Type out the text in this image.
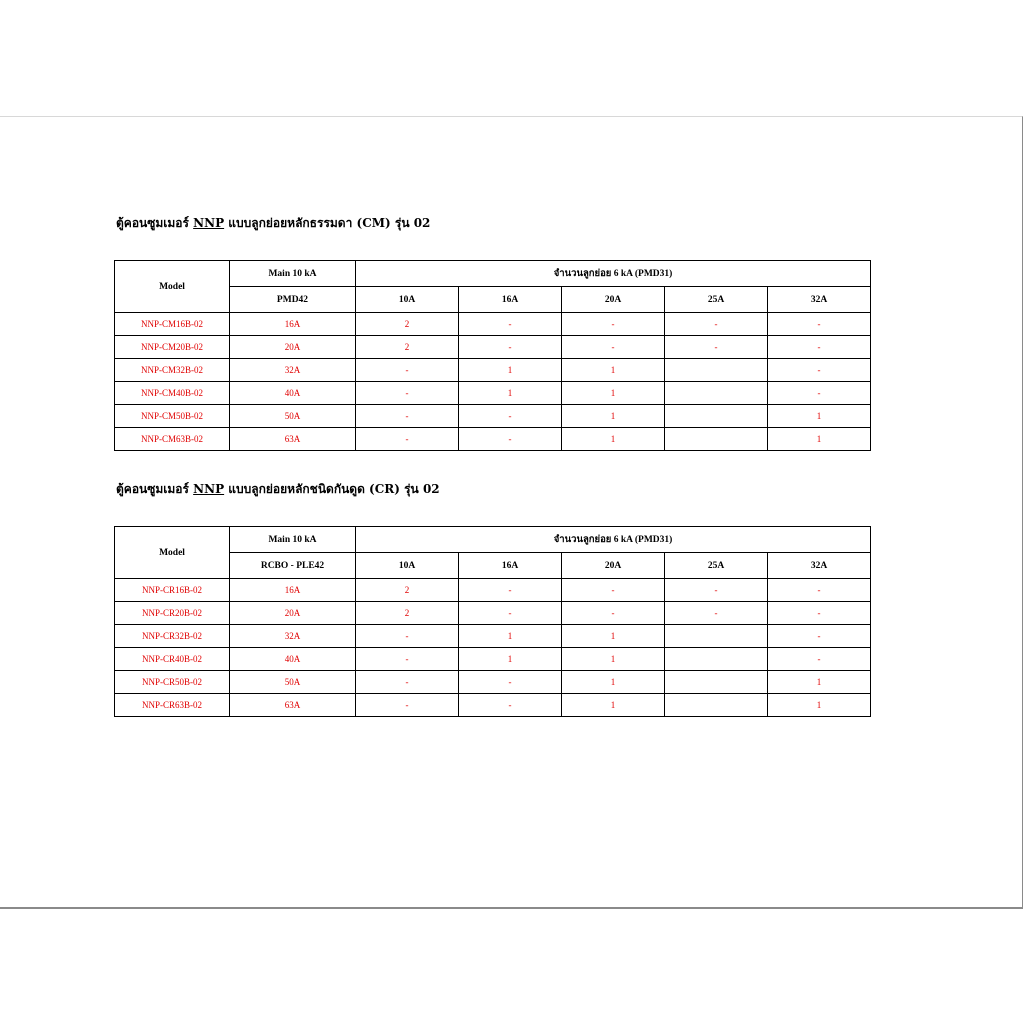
ตู้คอนซูมเมอร์ NNP แบบลูกย่อยหลักธรรมดา (CM) รุ่น 02
Model	Main 10 kA	จำนวนลูกย่อย 6 kA (PMD31)				
	PMD42	10A	16A	20A	25A	32A
NNP-CM16B-02	16A	2	-	-	-	-
NNP-CM20B-02	20A	2	-	-	-	-
NNP-CM32B-02	32A	-	1	1		-
NNP-CM40B-02	40A	-	1	1		-
NNP-CM50B-02	50A	-	-	1		1
NNP-CM63B-02	63A	-	-	1		1
ตู้คอนซูมเมอร์ NNP แบบลูกย่อยหลักชนิดกันดูด (CR) รุ่น 02
Model	Main 10 kA	จำนวนลูกย่อย 6 kA (PMD31)				
	RCBO - PLE42	10A	16A	20A	25A	32A
NNP-CR16B-02	16A	2	-	-	-	-
NNP-CR20B-02	20A	2	-	-	-	-
NNP-CR32B-02	32A	-	1	1		-
NNP-CR40B-02	40A	-	1	1		-
NNP-CR50B-02	50A	-	-	1		1
NNP-CR63B-02	63A	-	-	1		1
